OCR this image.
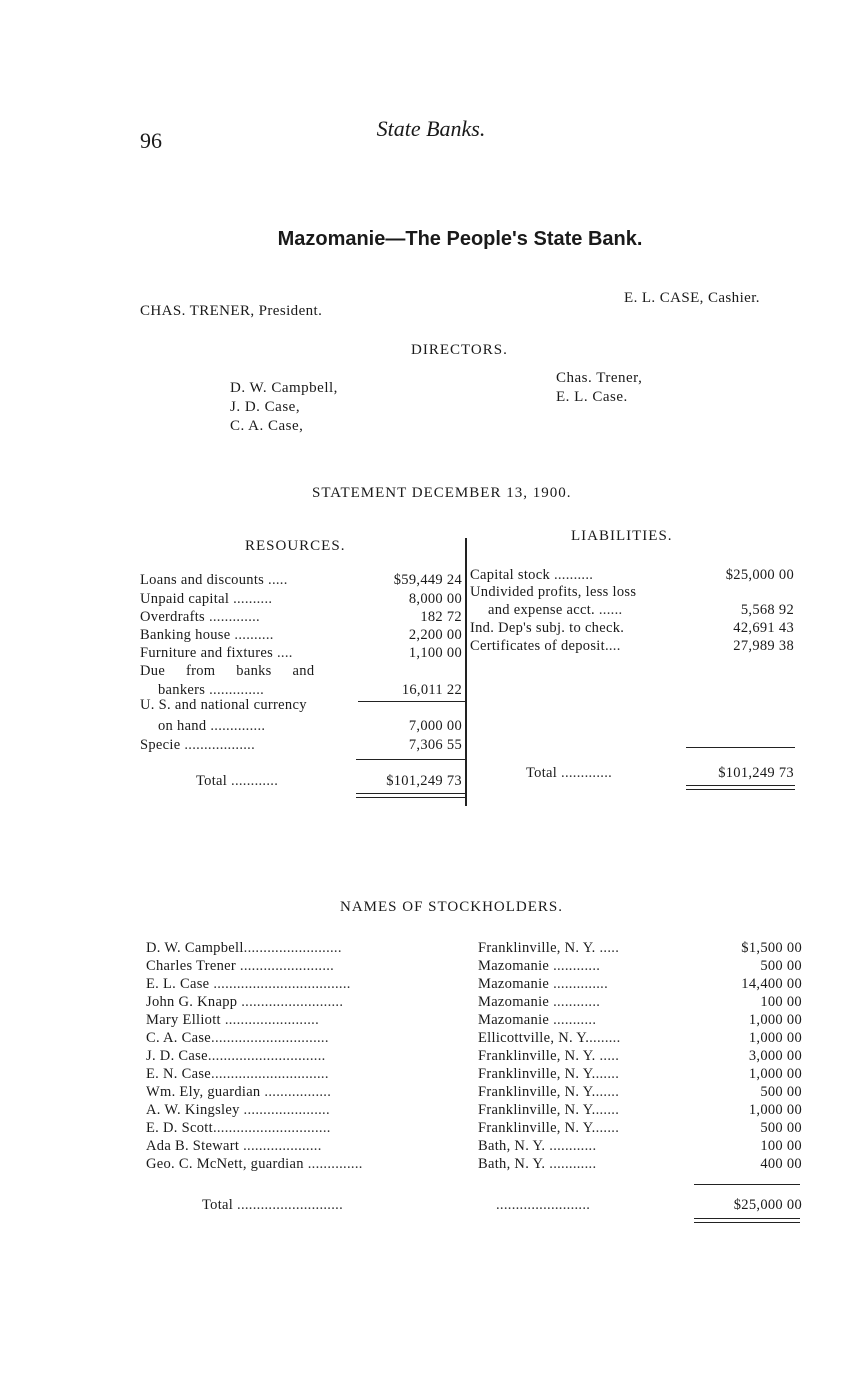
96	State Banks.
Mazomanie—The People's State Bank.
CHAS. TRENER, President.
E. L. CASE, Cashier.
DIRECTORS.
D. W. Campbell,
J. D. Case,
C. A. Case,
Chas. Trener,
E. L. Case.
STATEMENT DECEMBER 13, 1900.
RESOURCES.
LIABILITIES.
Loans and discounts .....	$59,449 24
Unpaid capital ..........	8,000 00
Overdrafts .............	182 72
Banking house ..........	2,200 00
Furniture and fixtures ....	1,100 00
Due from banks and
bankers ..............	16,011 22
U. S. and national currency
on hand ..............	7,000 00
Specie ..................	7,306 55
Total ............	$101,249 73
Capital stock ..........	$25,000 00
Undivided profits, less loss
and expense acct. ......	5,568 92
Ind. Dep's subj. to check.	42,691 43
Certificates of deposit....	27,989 38
Total .............	$101,249 73
NAMES OF STOCKHOLDERS.
D. W. Campbell.........................	Franklinville, N. Y. .....	$1,500 00
Charles Trener ........................	Mazomanie ............	500 00
E. L. Case ...................................	Mazomanie ..............	14,400 00
John G. Knapp ..........................	Mazomanie ............	100 00
Mary Elliott ........................	Mazomanie ...........	1,000 00
C. A. Case..............................	Ellicottville, N. Y.........	1,000 00
J. D. Case..............................	Franklinville, N. Y. .....	3,000 00
E. N. Case..............................	Franklinville, N. Y.......	1,000 00
Wm. Ely, guardian .................	Franklinville, N. Y.......	500 00
A. W. Kingsley ......................	Franklinville, N. Y.......	1,000 00
E. D. Scott..............................	Franklinville, N. Y.......	500 00
Ada B. Stewart ....................	Bath, N. Y. ............	100 00
Geo. C. McNett, guardian ..............	Bath, N. Y. ............	400 00
Total ...........................	........................	$25,000 00
